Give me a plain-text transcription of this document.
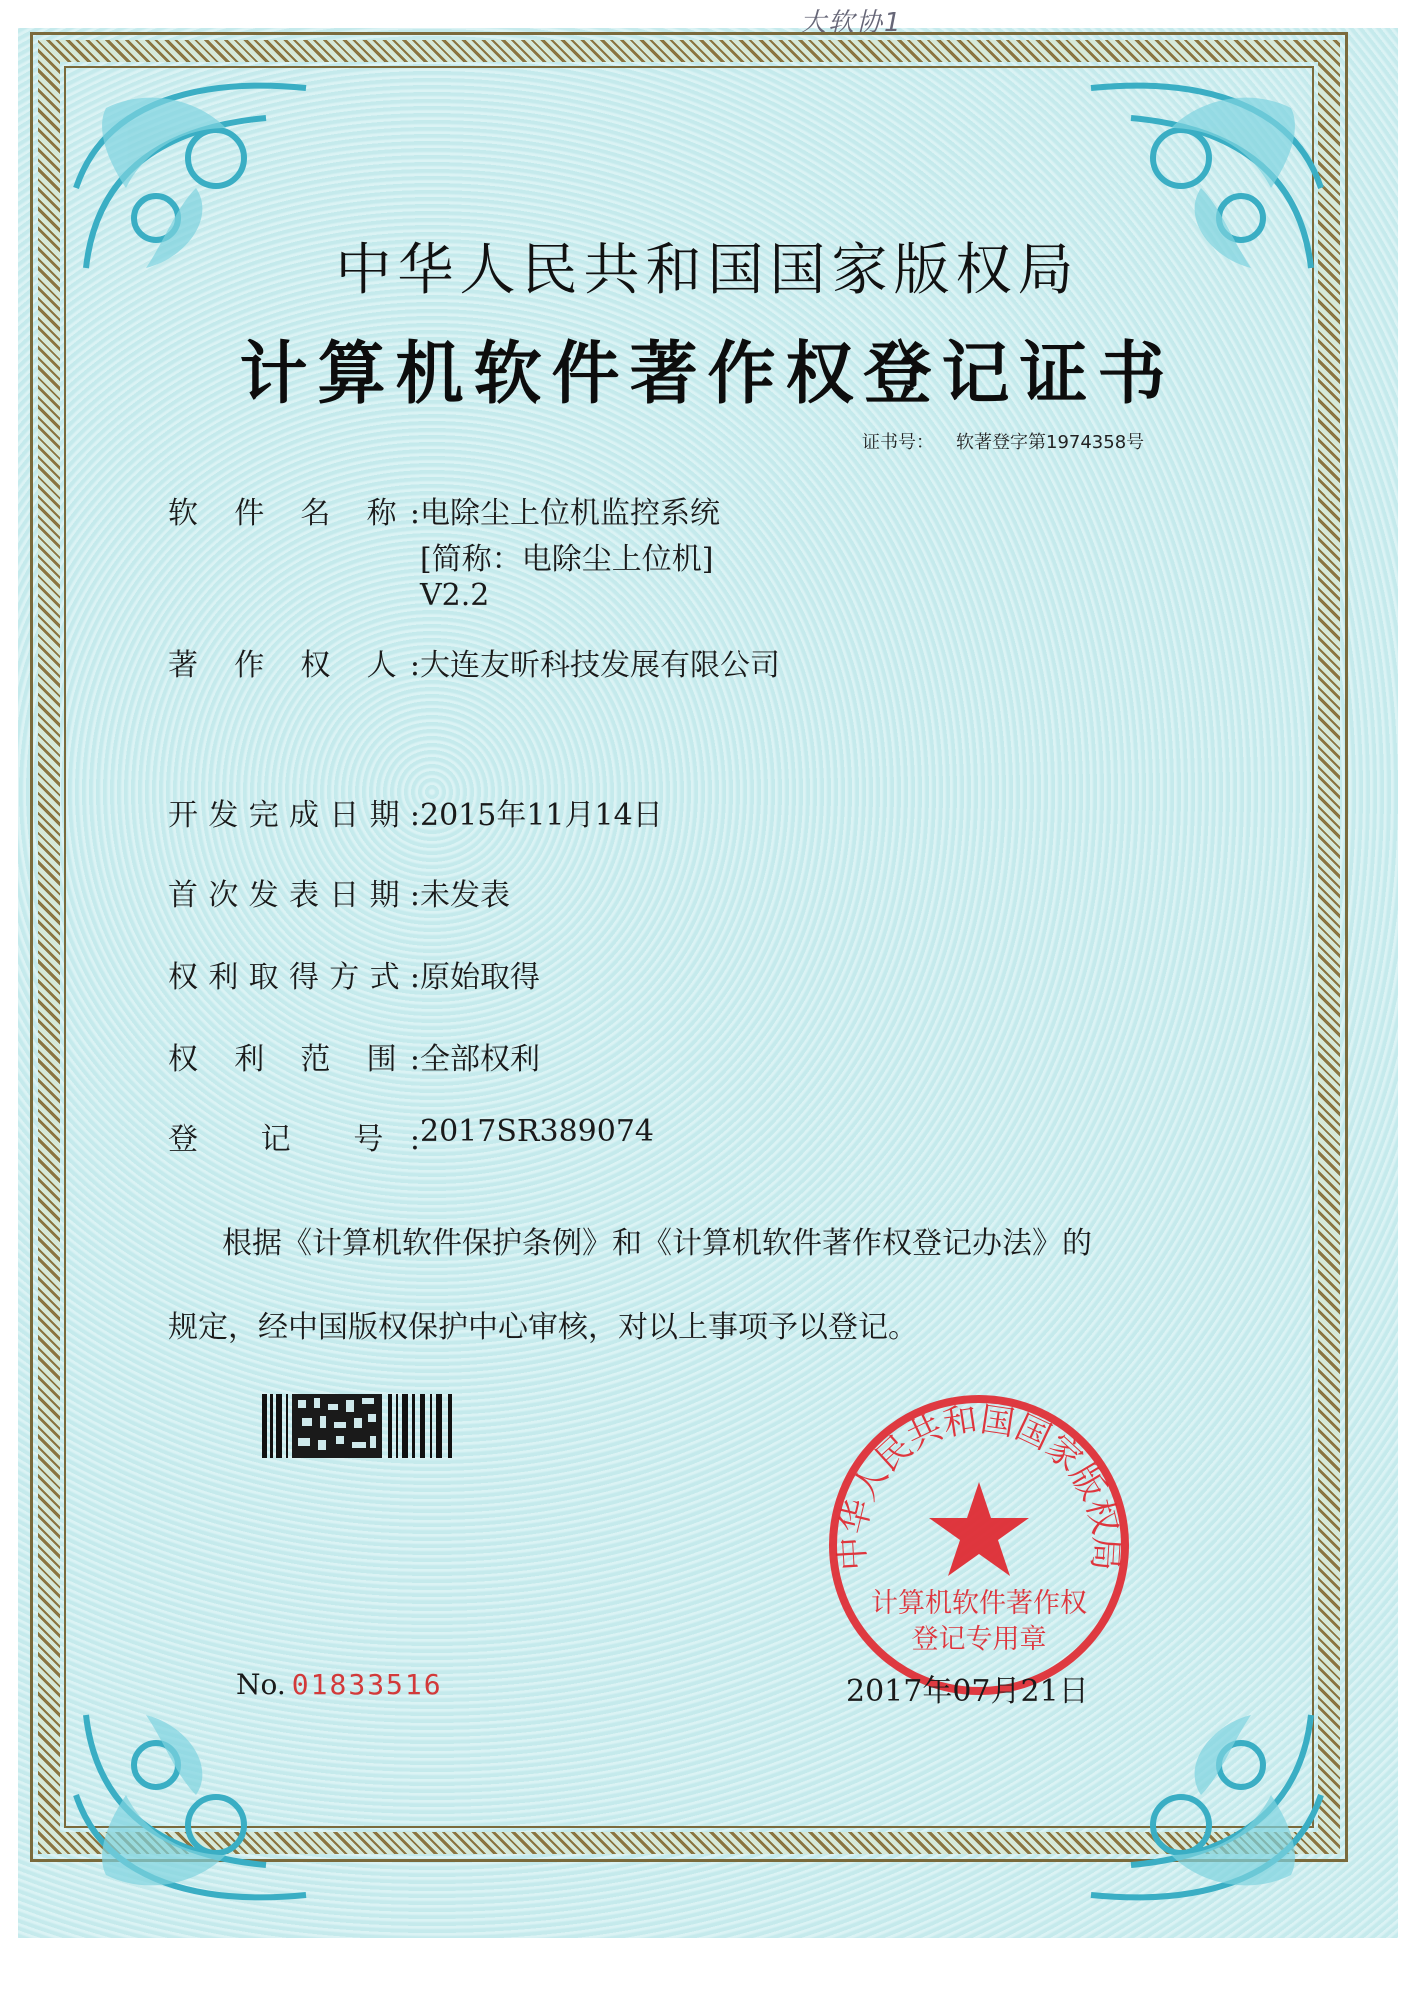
大软协1
中华人民共和国国家版权局
计算机软件著作权登记证书
证书号： 软著登字第1974358号
软 件 名 称: 电除尘上位机监控系统
[简称：电除尘上位机]
V2.2
著 作 权 人: 大连友昕科技发展有限公司
开发完成日期: 2015年11月14日
首次发表日期: 未发表
权利取得方式: 原始取得
权 利 范 围: 全部权利
登 记 号: 2017SR389074
根据《计算机软件保护条例》和《计算机软件著作权登记办法》的
规定，经中国版权保护中心审核，对以上事项予以登记。
中华人民共和国国家版权局
计算机软件著作权
登记专用章
No. 01833516	2017年07月21日
